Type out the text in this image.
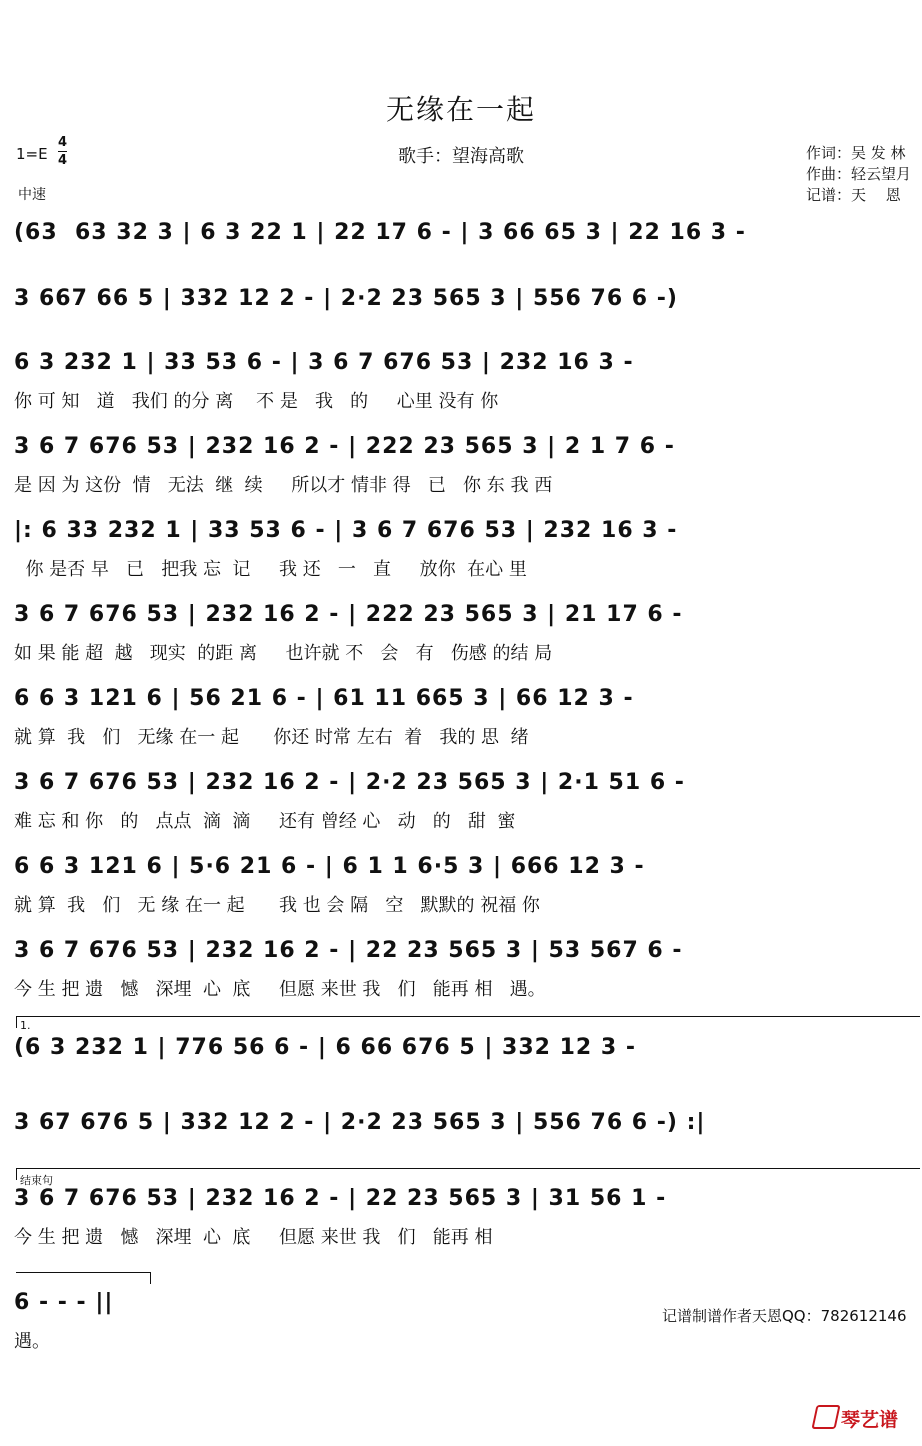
无缘在一起
歌手：望海高歌
$1=E \frac{4}{4}$
中速
作词：吴 发 林
作曲：轻云望月
记谱：天　 恩
(63  63 32 3 | 6 3 22 1 | 22 17 6 - | 3 66 65 3 | 22 16 3 -
3 667 66 5 | 332 12 2 - | 2·2 23 565 3 | 556 76 6 -)
6 3 232 1 | 33 53 6 - | 3 6 7 676 53 | 232 16 3 -
你 可 知   道   我们 的分 离    不 是   我   的     心里 没有 你
3 6 7 676 53 | 232 16 2 - | 222 23 565 3 | 2 1 7 6 -
是 因 为 这份  情   无法  继  续     所以才 情非 得   已   你 东 我 西
|: 6 33 232 1 | 33 53 6 - | 3 6 7 676 53 | 232 16 3 -
你 是否 早   已   把我 忘  记     我 还   一   直     放你  在心 里
3 6 7 676 53 | 232 16 2 - | 222 23 565 3 | 21 17 6 -
如 果 能 超  越   现实  的距 离     也许就 不   会   有   伤感 的结 局
6 6 3 121 6 | 56 21 6 - | 61 11 665 3 | 66 12 3 -
就 算  我   们   无缘 在一 起      你还 时常 左右  着   我的 思  绪
3 6 7 676 53 | 232 16 2 - | 2·2 23 565 3 | 2·1 51 6 -
难 忘 和 你   的   点点  滴  滴     还有 曾经 心   动   的   甜  蜜
6 6 3 121 6 | 5·6 21 6 - | 6 1 1 6·5 3 | 666 12 3 -
就 算  我   们   无 缘 在一 起      我 也 会 隔   空   默默的 祝福 你
3 6 7 676 53 | 232 16 2 - | 22 23 565 3 | 53 567 6 -
今 生 把 遗   憾   深埋  心  底     但愿 来世 我   们   能再 相   遇。
1.
(6 3 232 1 | 776 56 6 - | 6 66 676 5 | 332 12 3 -
3 67 676 5 | 332 12 2 - | 2·2 23 565 3 | 556 76 6 -) :|
结束句
3 6 7 676 53 | 232 16 2 - | 22 23 565 3 | 31 56 1 -
今 生 把 遗   憾   深埋  心  底     但愿 来世 我   们   能再 相
6 - - - ||
遇。
记谱制谱作者天恩QQ：782612146
琴艺谱
